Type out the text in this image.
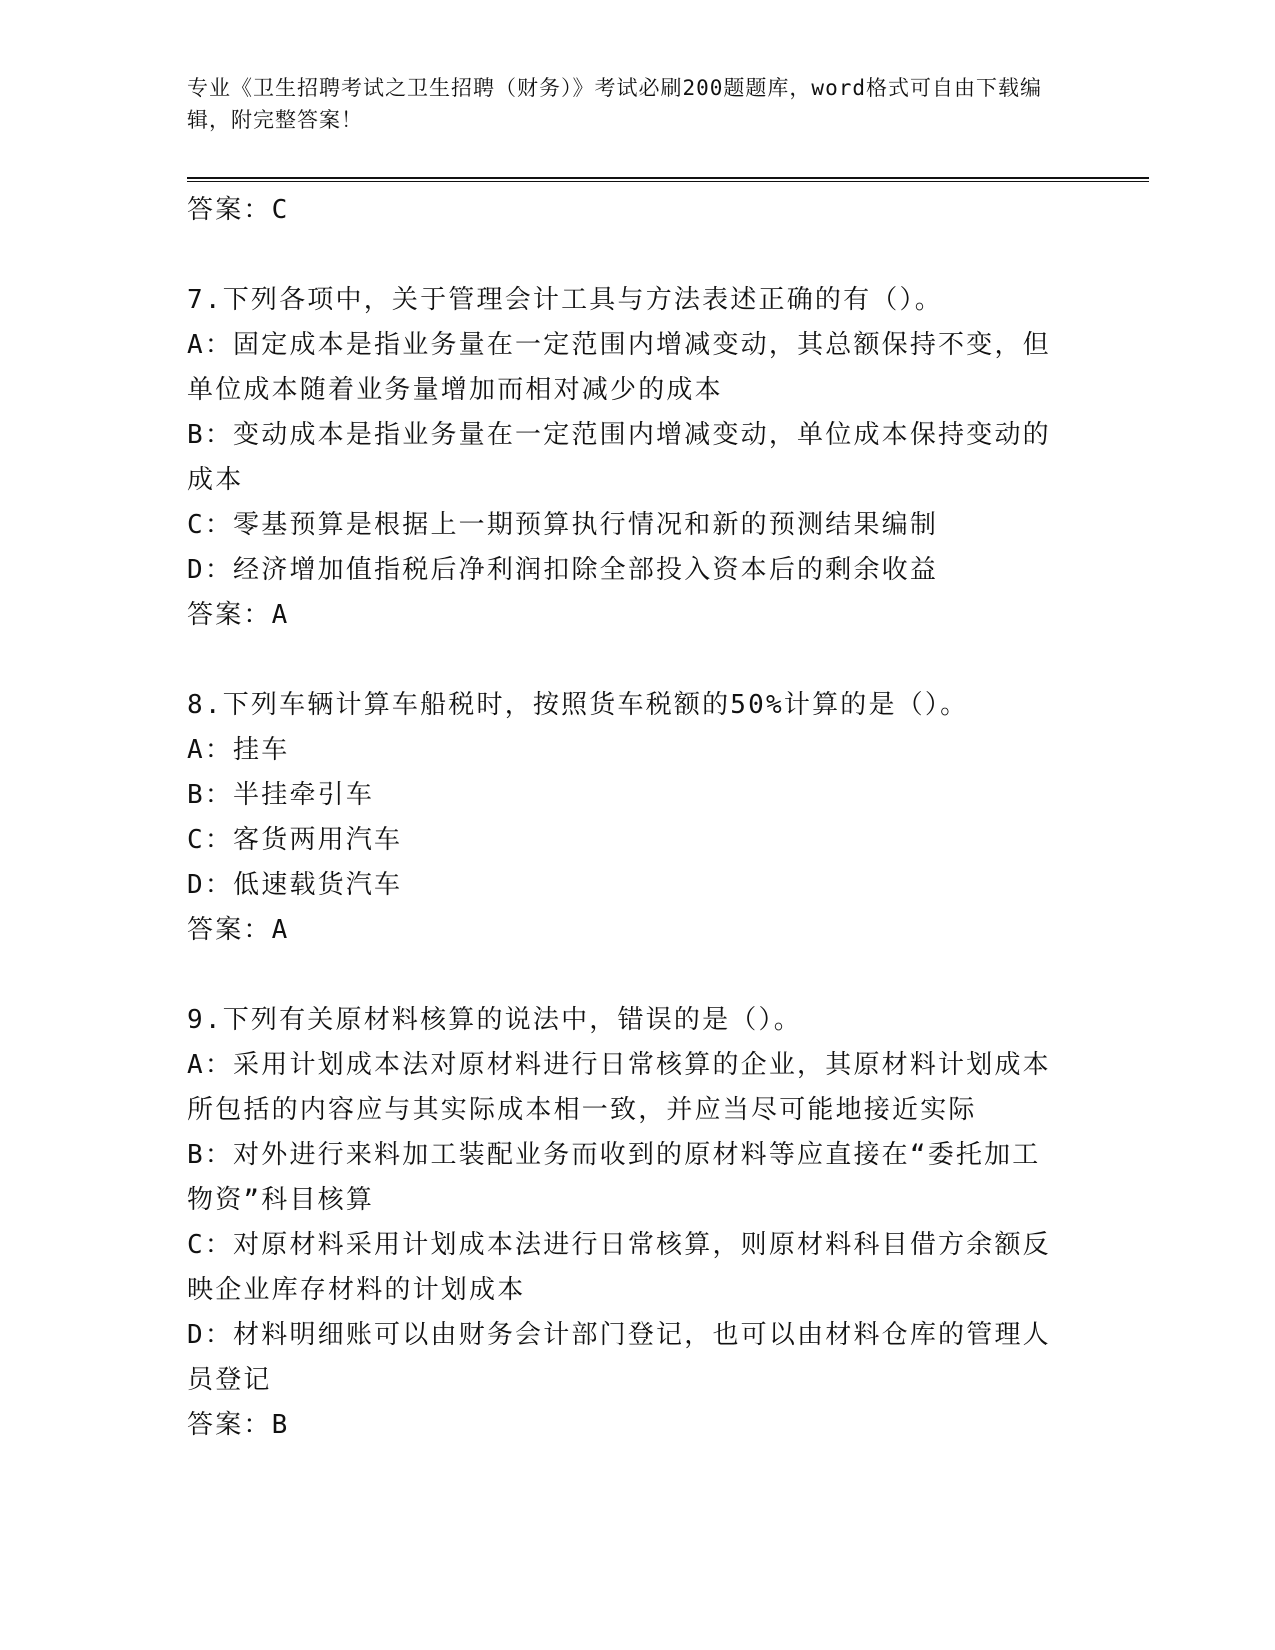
专业《卫生招聘考试之卫生招聘（财务）》考试必刷200题题库，word格式可自由下载编辑，附完整答案！

答案：C

7.下列各项中，关于管理会计工具与方法表述正确的有（）。

A：固定成本是指业务量在一定范围内增减变动，其总额保持不变，但单位成本随着业务量增加而相对减少的成本

B：变动成本是指业务量在一定范围内增减变动，单位成本保持变动的成本

C：零基预算是根据上一期预算执行情况和新的预测结果编制

D：经济增加值指税后净利润扣除全部投入资本后的剩余收益

答案：A

8.下列车辆计算车船税时，按照货车税额的50%计算的是（）。

A：挂车

B：半挂牵引车

C：客货两用汽车

D：低速载货汽车

答案：A

9.下列有关原材料核算的说法中，错误的是（）。

A：采用计划成本法对原材料进行日常核算的企业，其原材料计划成本所包括的内容应与其实际成本相一致，并应当尽可能地接近实际

B：对外进行来料加工装配业务而收到的原材料等应直接在“委托加工物资”科目核算

C：对原材料采用计划成本法进行日常核算，则原材料科目借方余额反映企业库存材料的计划成本

D：材料明细账可以由财务会计部门登记，也可以由材料仓库的管理人员登记

答案：B
